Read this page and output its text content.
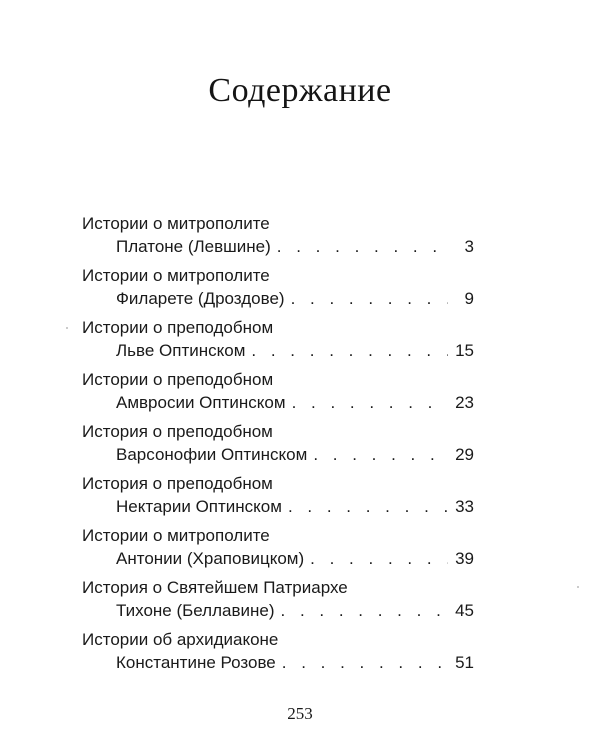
Содержание
Истории о митрополите
Платоне (Левшине) . . .	3
Истории о митрополите
Филарете (Дроздове) . . .	9
Истории о преподобном
Льве Оптинском . . .	15
Истории о преподобном
Амвросии Оптинском . . .	23
История о преподобном
Варсонофии Оптинском . . .	29
История о преподобном
Нектарии Оптинском . . .	33
Истории о митрополите
Антонии (Храповицком) . . .	39
История о Святейшем Патриархе
Тихоне (Беллавине) . . .	45
Истории об архидиаконе
Константине Розове . . .	51
253
